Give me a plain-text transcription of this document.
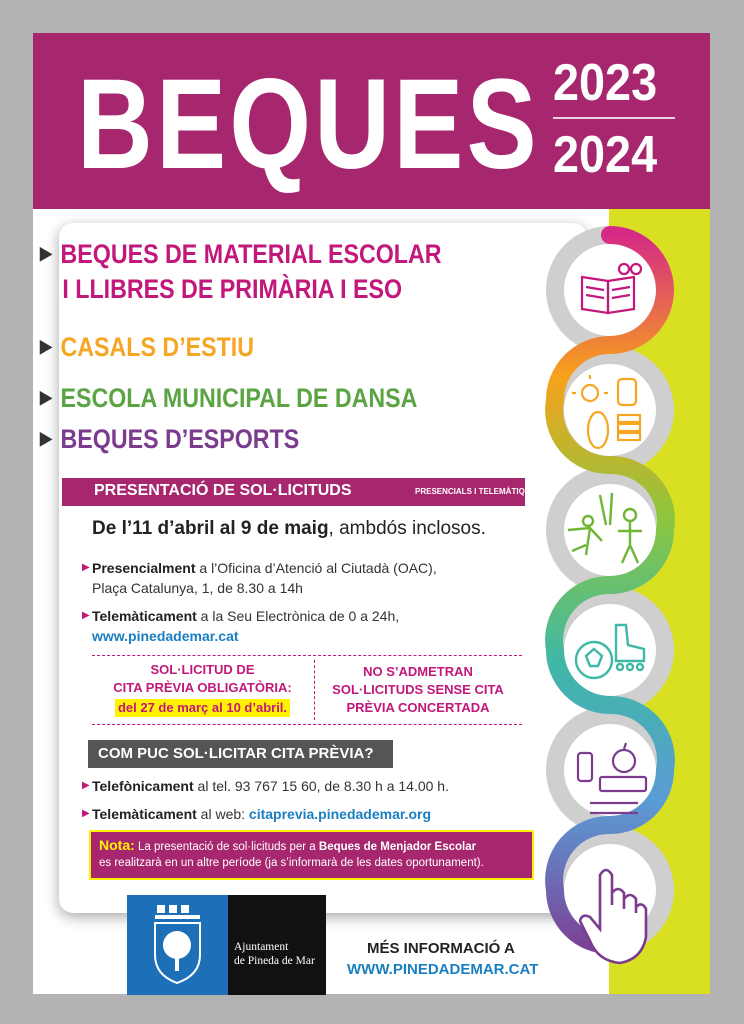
BEQUES 2023
2024
▶ BEQUES DE MATERIAL ESCOLAR
I LLIBRES DE PRIMÀRIA I ESO
▶ CASALS D’ESTIU
▶ ESCOLA MUNICIPAL DE DANSA
▶ BEQUES D’ESPORTS
PRESENTACIÓ DE SOL·LICITUDS	PRESENCIALS I TELEMÀTIQUES
De l’11 d’abril al 9 de maig, ambdós inclosos.
▶ Presencialment a l’Oficina d’Atenció al Ciutadà (OAC),
Plaça Catalunya, 1, de 8.30 a 14h
▶ Telemàticament a la Seu Electrònica de 0 a 24h,
www.pinedademar.cat
SOL·LICITUD DE
CITA PRÈVIA OBLIGATÒRIA:
del 27 de març al 10 d’abril.
NO S’ADMETRAN
SOL·LICITUDS SENSE CITA
PRÈVIA CONCERTADA
COM PUC SOL·LICITAR CITA PRÈVIA?
▶ Telefònicament al tel. 93 767 15 60, de 8.30 h a 14.00 h.
▶ Telemàticament al web: citaprevia.pinedademar.org
Nota: La presentació de sol·licituds per a Beques de Menjador Escolar
es realitzarà en un altre període (ja s’informarà de les dates oportunament).
Ajuntament
de Pineda de Mar
MÉS INFORMACIÓ A
WWW.PINEDADEMAR.CAT
